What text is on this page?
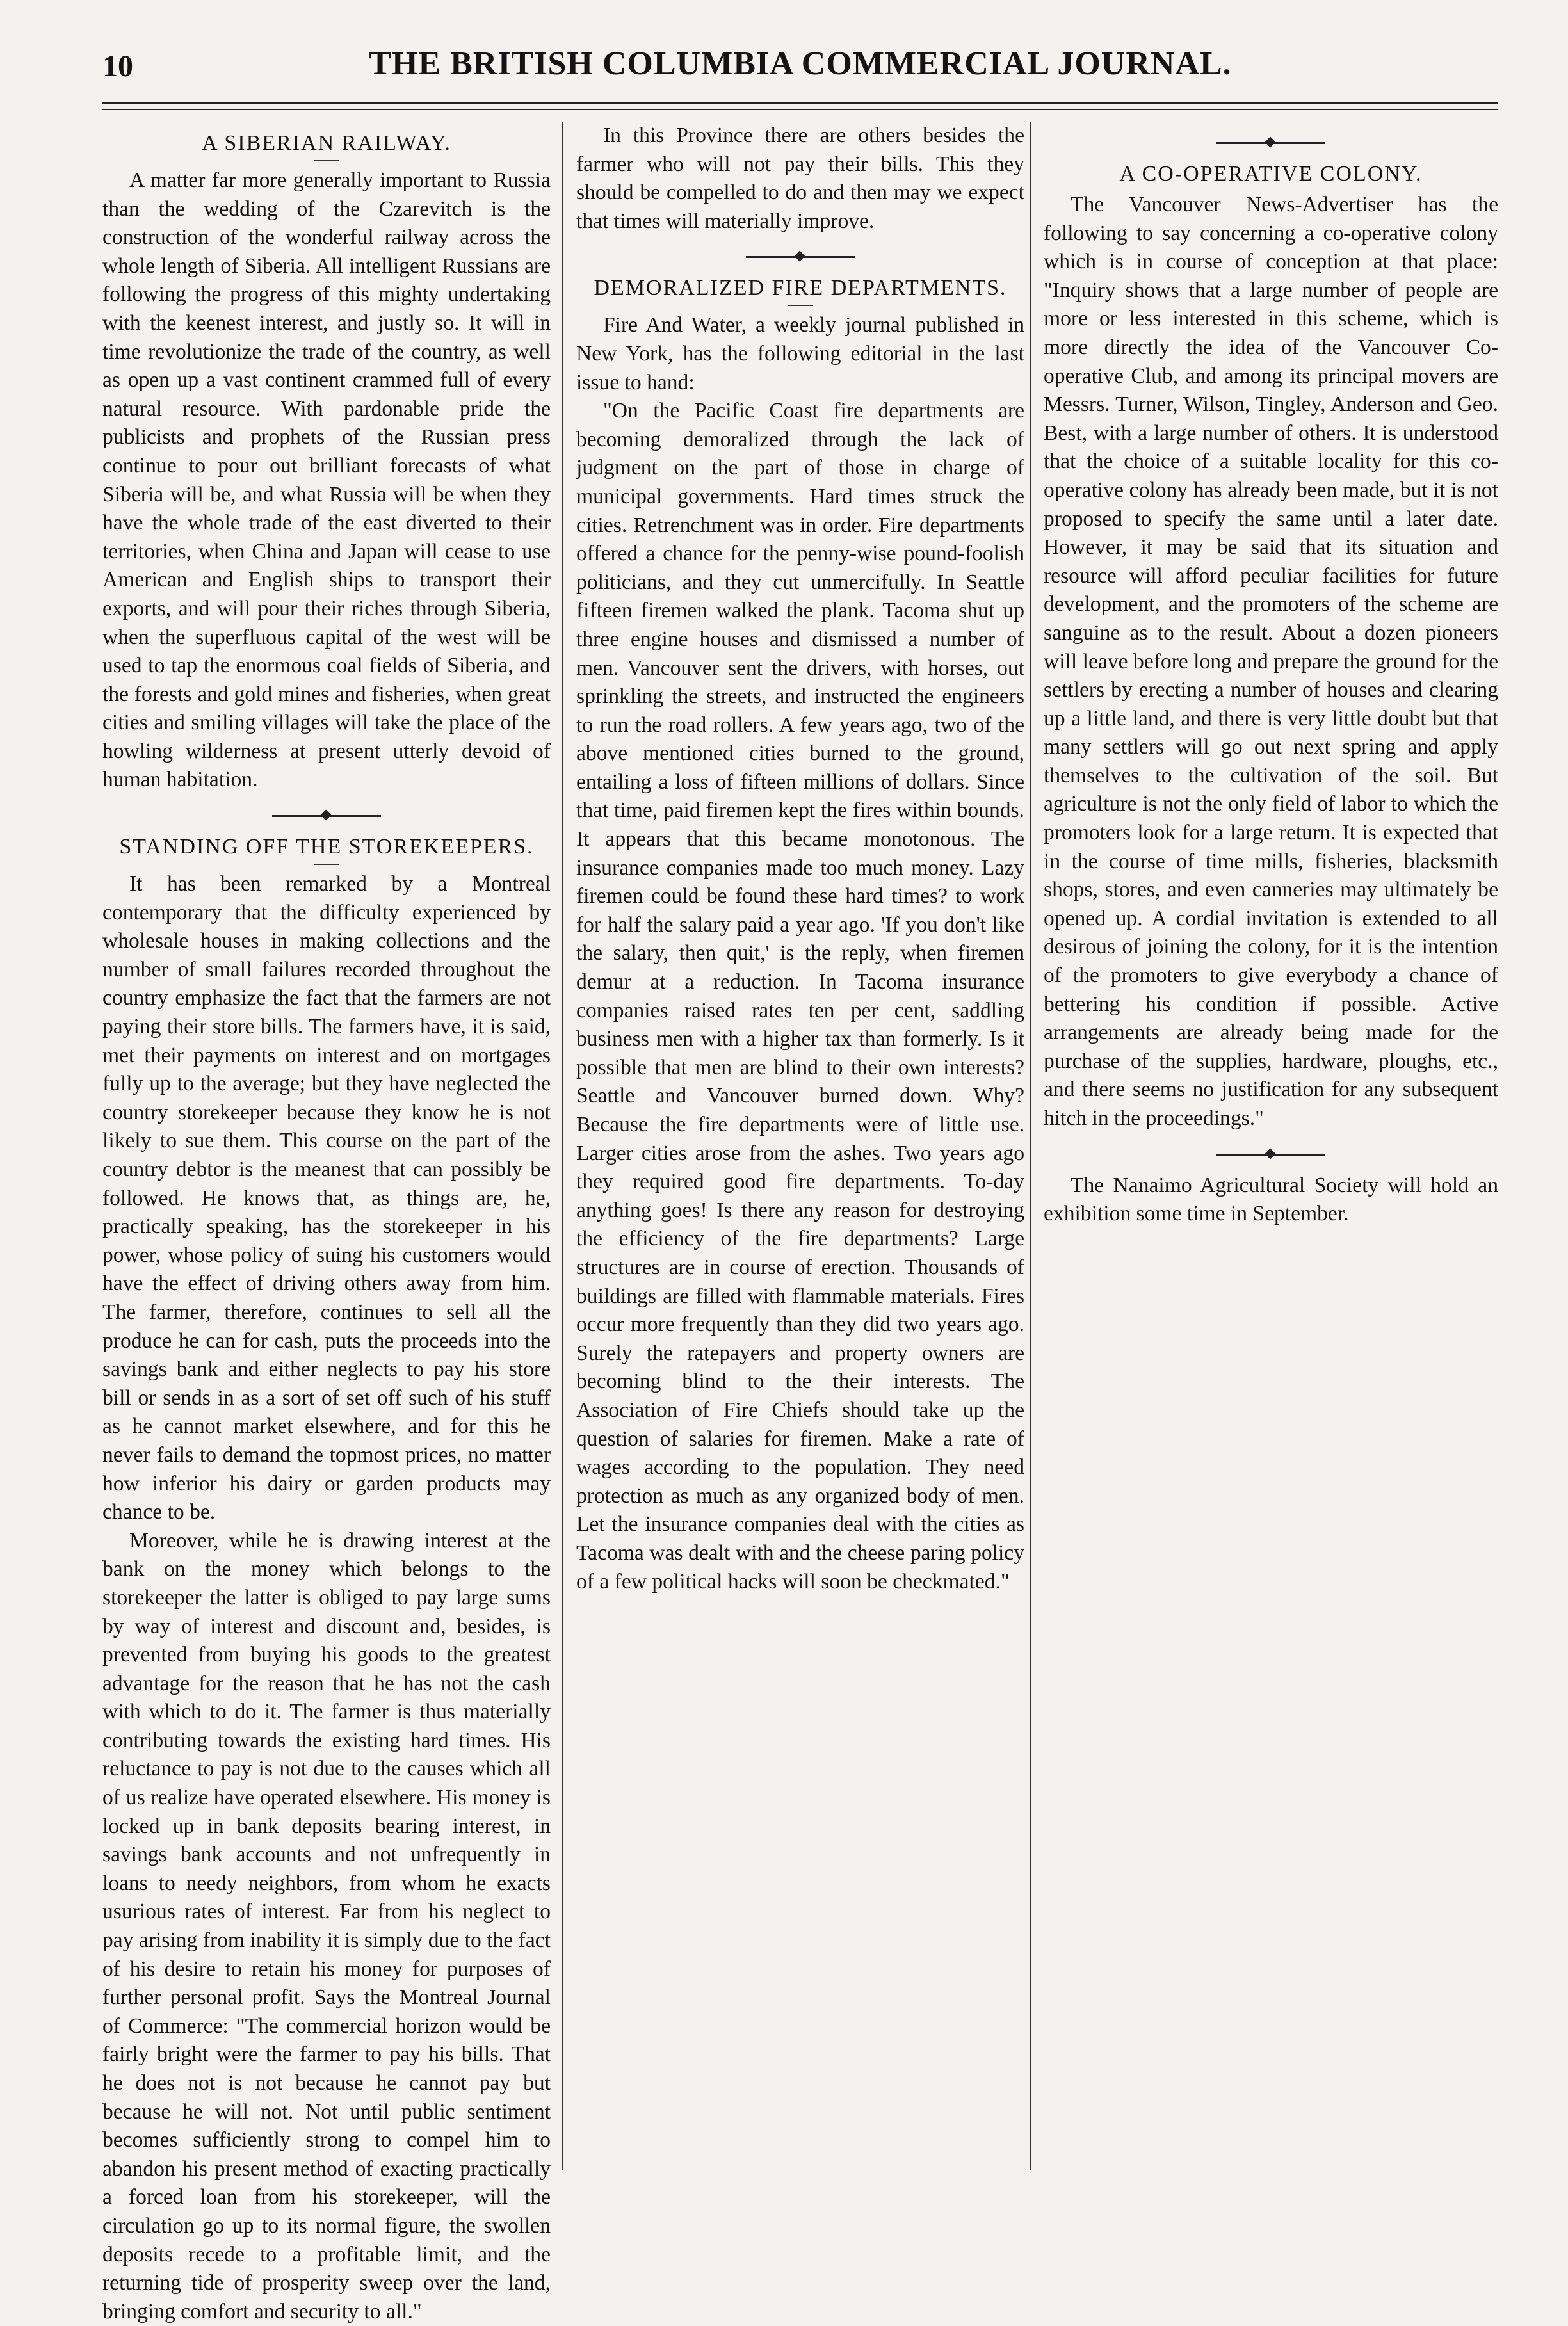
10	THE BRITISH COLUMBIA COMMERCIAL JOURNAL.
A SIBERIAN RAILWAY.

A matter far more generally important to Russia than the wedding of the Czarevitch is the construction of the wonderful railway across the whole length of Siberia. All intelligent Russians are following the progress of this mighty undertaking with the keenest interest, and justly so. It will in time revolutionize the trade of the country, as well as open up a vast continent crammed full of every natural resource. With pardonable pride the publicists and prophets of the Russian press continue to pour out brilliant forecasts of what Siberia will be, and what Russia will be when they have the whole trade of the east diverted to their territories, when China and Japan will cease to use American and English ships to transport their exports, and will pour their riches through Siberia, when the superfluous capital of the west will be used to tap the enormous coal fields of Siberia, and the forests and gold mines and fisheries, when great cities and smiling villages will take the place of the howling wilderness at present utterly devoid of human habitation.

STANDING OFF THE STOREKEEPERS.

It has been remarked by a Montreal contemporary that the difficulty experienced by wholesale houses in making collections and the number of small failures recorded throughout the country emphasize the fact that the farmers are not paying their store bills. The farmers have, it is said, met their payments on interest and on mortgages fully up to the average; but they have neglected the country storekeeper because they know he is not likely to sue them. This course on the part of the country debtor is the meanest that can possibly be followed. He knows that, as things are, he, practically speaking, has the storekeeper in his power, whose policy of suing his customers would have the effect of driving others away from him. The farmer, therefore, continues to sell all the produce he can for cash, puts the proceeds into the savings bank and either neglects to pay his store bill or sends in as a sort of set off such of his stuff as he cannot market elsewhere, and for this he never fails to demand the topmost prices, no matter how inferior his dairy or garden products may chance to be.

Moreover, while he is drawing interest at the bank on the money which belongs to the storekeeper the latter is obliged to pay large sums by way of interest and discount and, besides, is prevented from buying his goods to the greatest advantage for the reason that he has not the cash with which to do it. The farmer is thus materially contributing towards the existing hard times. His reluctance to pay is not due to the causes which all of us realize have operated elsewhere. His money is locked up in bank deposits bearing interest, in savings bank accounts and not unfrequently in loans to needy neighbors, from whom he exacts usurious rates of interest. Far from his neglect to pay arising from inability it is simply due to the fact of his desire to retain his money for purposes of further personal profit. Says the Montreal Journal of Commerce: "The commercial horizon would be fairly bright were the farmer to pay his bills. That he does not is not because he cannot pay but because he will not. Not until public sentiment becomes sufficiently strong to compel him to abandon his present method of exacting practically a forced loan from his storekeeper, will the circulation go up to its normal figure, the swollen deposits recede to a profitable limit, and the returning tide of prosperity sweep over the land, bringing comfort and security to all."

In this Province there are others besides the farmer who will not pay their bills. This they should be compelled to do and then may we expect that times will materially improve.

DEMORALIZED FIRE DEPARTMENTS.

Fire And Water, a weekly journal published in New York, has the following editorial in the last issue to hand:

"On the Pacific Coast fire departments are becoming demoralized through the lack of judgment on the part of those in charge of municipal governments. Hard times struck the cities. Retrenchment was in order. Fire departments offered a chance for the penny-wise pound-foolish politicians, and they cut unmercifully. In Seattle fifteen firemen walked the plank. Tacoma shut up three engine houses and dismissed a number of men. Vancouver sent the drivers, with horses, out sprinkling the streets, and instructed the engineers to run the road rollers. A few years ago, two of the above mentioned cities burned to the ground, entailing a loss of fifteen millions of dollars. Since that time, paid firemen kept the fires within bounds. It appears that this became monotonous. The insurance companies made too much money. Lazy firemen could be found these hard times? to work for half the salary paid a year ago. 'If you don't like the salary, then quit,' is the reply, when firemen demur at a reduction. In Tacoma insurance companies raised rates ten per cent, saddling business men with a higher tax than formerly. Is it possible that men are blind to their own interests? Seattle and Vancouver burned down. Why? Because the fire departments were of little use. Larger cities arose from the ashes. Two years ago they required good fire departments. To-day anything goes! Is there any reason for destroying the efficiency of the fire departments? Large structures are in course of erection. Thousands of buildings are filled with flammable materials. Fires occur more frequently than they did two years ago. Surely the ratepayers and property owners are becoming blind to the their interests. The Association of Fire Chiefs should take up the question of salaries for firemen. Make a rate of wages according to the population. They need protection as much as any organized body of men. Let the insurance companies deal with the cities as Tacoma was dealt with and the cheese paring policy of a few political hacks will soon be checkmated."

A CO-OPERATIVE COLONY.

The Vancouver News-Advertiser has the following to say concerning a co-operative colony which is in course of conception at that place: "Inquiry shows that a large number of people are more or less interested in this scheme, which is more directly the idea of the Vancouver Co-operative Club, and among its principal movers are Messrs. Turner, Wilson, Tingley, Anderson and Geo. Best, with a large number of others. It is understood that the choice of a suitable locality for this co-operative colony has already been made, but it is not proposed to specify the same until a later date. However, it may be said that its situation and resource will afford peculiar facilities for future development, and the promoters of the scheme are sanguine as to the result. About a dozen pioneers will leave before long and prepare the ground for the settlers by erecting a number of houses and clearing up a little land, and there is very little doubt but that many settlers will go out next spring and apply themselves to the cultivation of the soil. But agriculture is not the only field of labor to which the promoters look for a large return. It is expected that in the course of time mills, fisheries, blacksmith shops, stores, and even canneries may ultimately be opened up. A cordial invitation is extended to all desirous of joining the colony, for it is the intention of the promoters to give everybody a chance of bettering his condition if possible. Active arrangements are already being made for the purchase of the supplies, hardware, ploughs, etc., and there seems no justification for any subsequent hitch in the proceedings."

The Nanaimo Agricultural Society will hold an exhibition some time in September.
